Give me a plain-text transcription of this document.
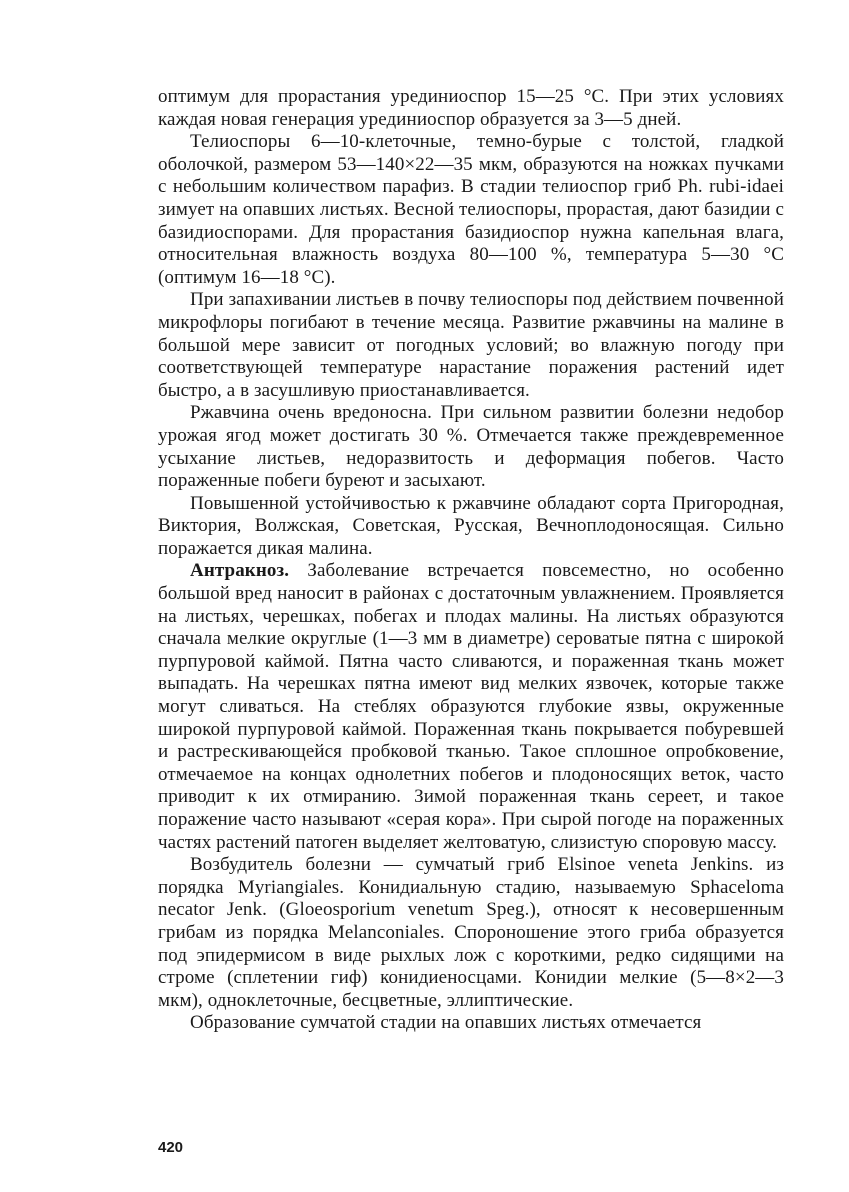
оптимум для прорастания урединиоспор 15—25 °С. При этих условиях каждая новая генерация урединиоспор образуется за 3—5 дней.

Телиоспоры 6—10-клеточные, темно-бурые с толстой, гладкой оболочкой, размером 53—140×22—35 мкм, образуются на ножках пучками с небольшим количеством парафиз. В стадии телиоспор гриб Ph. rubi-idaei зимует на опавших листьях. Весной телиоспоры, прорастая, дают базидии с базидиоспорами. Для прорастания базидиоспор нужна капельная влага, относительная влажность воздуха 80—100 %, температура 5—30 °С (оптимум 16—18 °С).

При запахивании листьев в почву телиоспоры под действием почвенной микрофлоры погибают в течение месяца. Развитие ржавчины на малине в большой мере зависит от погодных условий; во влажную погоду при соответствующей температуре нарастание поражения растений идет быстро, а в засушливую приостанавливается.

Ржавчина очень вредоносна. При сильном развитии болезни недобор урожая ягод может достигать 30 %. Отмечается также преждевременное усыхание листьев, недоразвитость и деформация побегов. Часто пораженные побеги буреют и засыхают.

Повышенной устойчивостью к ржавчине обладают сорта Пригородная, Виктория, Волжская, Советская, Русская, Вечноплодоносящая. Сильно поражается дикая малина.

Антракноз. Заболевание встречается повсеместно, но особенно большой вред наносит в районах с достаточным увлажнением. Проявляется на листьях, черешках, побегах и плодах малины. На листьях образуются сначала мелкие округлые (1—3 мм в диаметре) сероватые пятна с широкой пурпуровой каймой. Пятна часто сливаются, и пораженная ткань может выпадать. На черешках пятна имеют вид мелких язвочек, которые также могут сливаться. На стеблях образуются глубокие язвы, окруженные широкой пурпуровой каймой. Пораженная ткань покрывается побуревшей и растрескивающейся пробковой тканью. Такое сплошное опробковение, отмечаемое на концах однолетних побегов и плодоносящих веток, часто приводит к их отмиранию. Зимой пораженная ткань сереет, и такое поражение часто называют «серая кора». При сырой погоде на пораженных частях растений патоген выделяет желтоватую, слизистую споровую массу.

Возбудитель болезни — сумчатый гриб Elsinoe veneta Jenkins. из порядка Myriangiales. Конидиальную стадию, называемую Sphaceloma necator Jenk. (Gloeosporium venetum Speg.), относят к несовершенным грибам из порядка Melanconiales. Спороношение этого гриба образуется под эпидермисом в виде рыхлых лож с короткими, редко сидящими на строме (сплетении гиф) конидиеносцами. Конидии мелкие (5—8×2—3 мкм), одноклеточные, бесцветные, эллиптические.

Образование сумчатой стадии на опавших листьях отмечается

420
